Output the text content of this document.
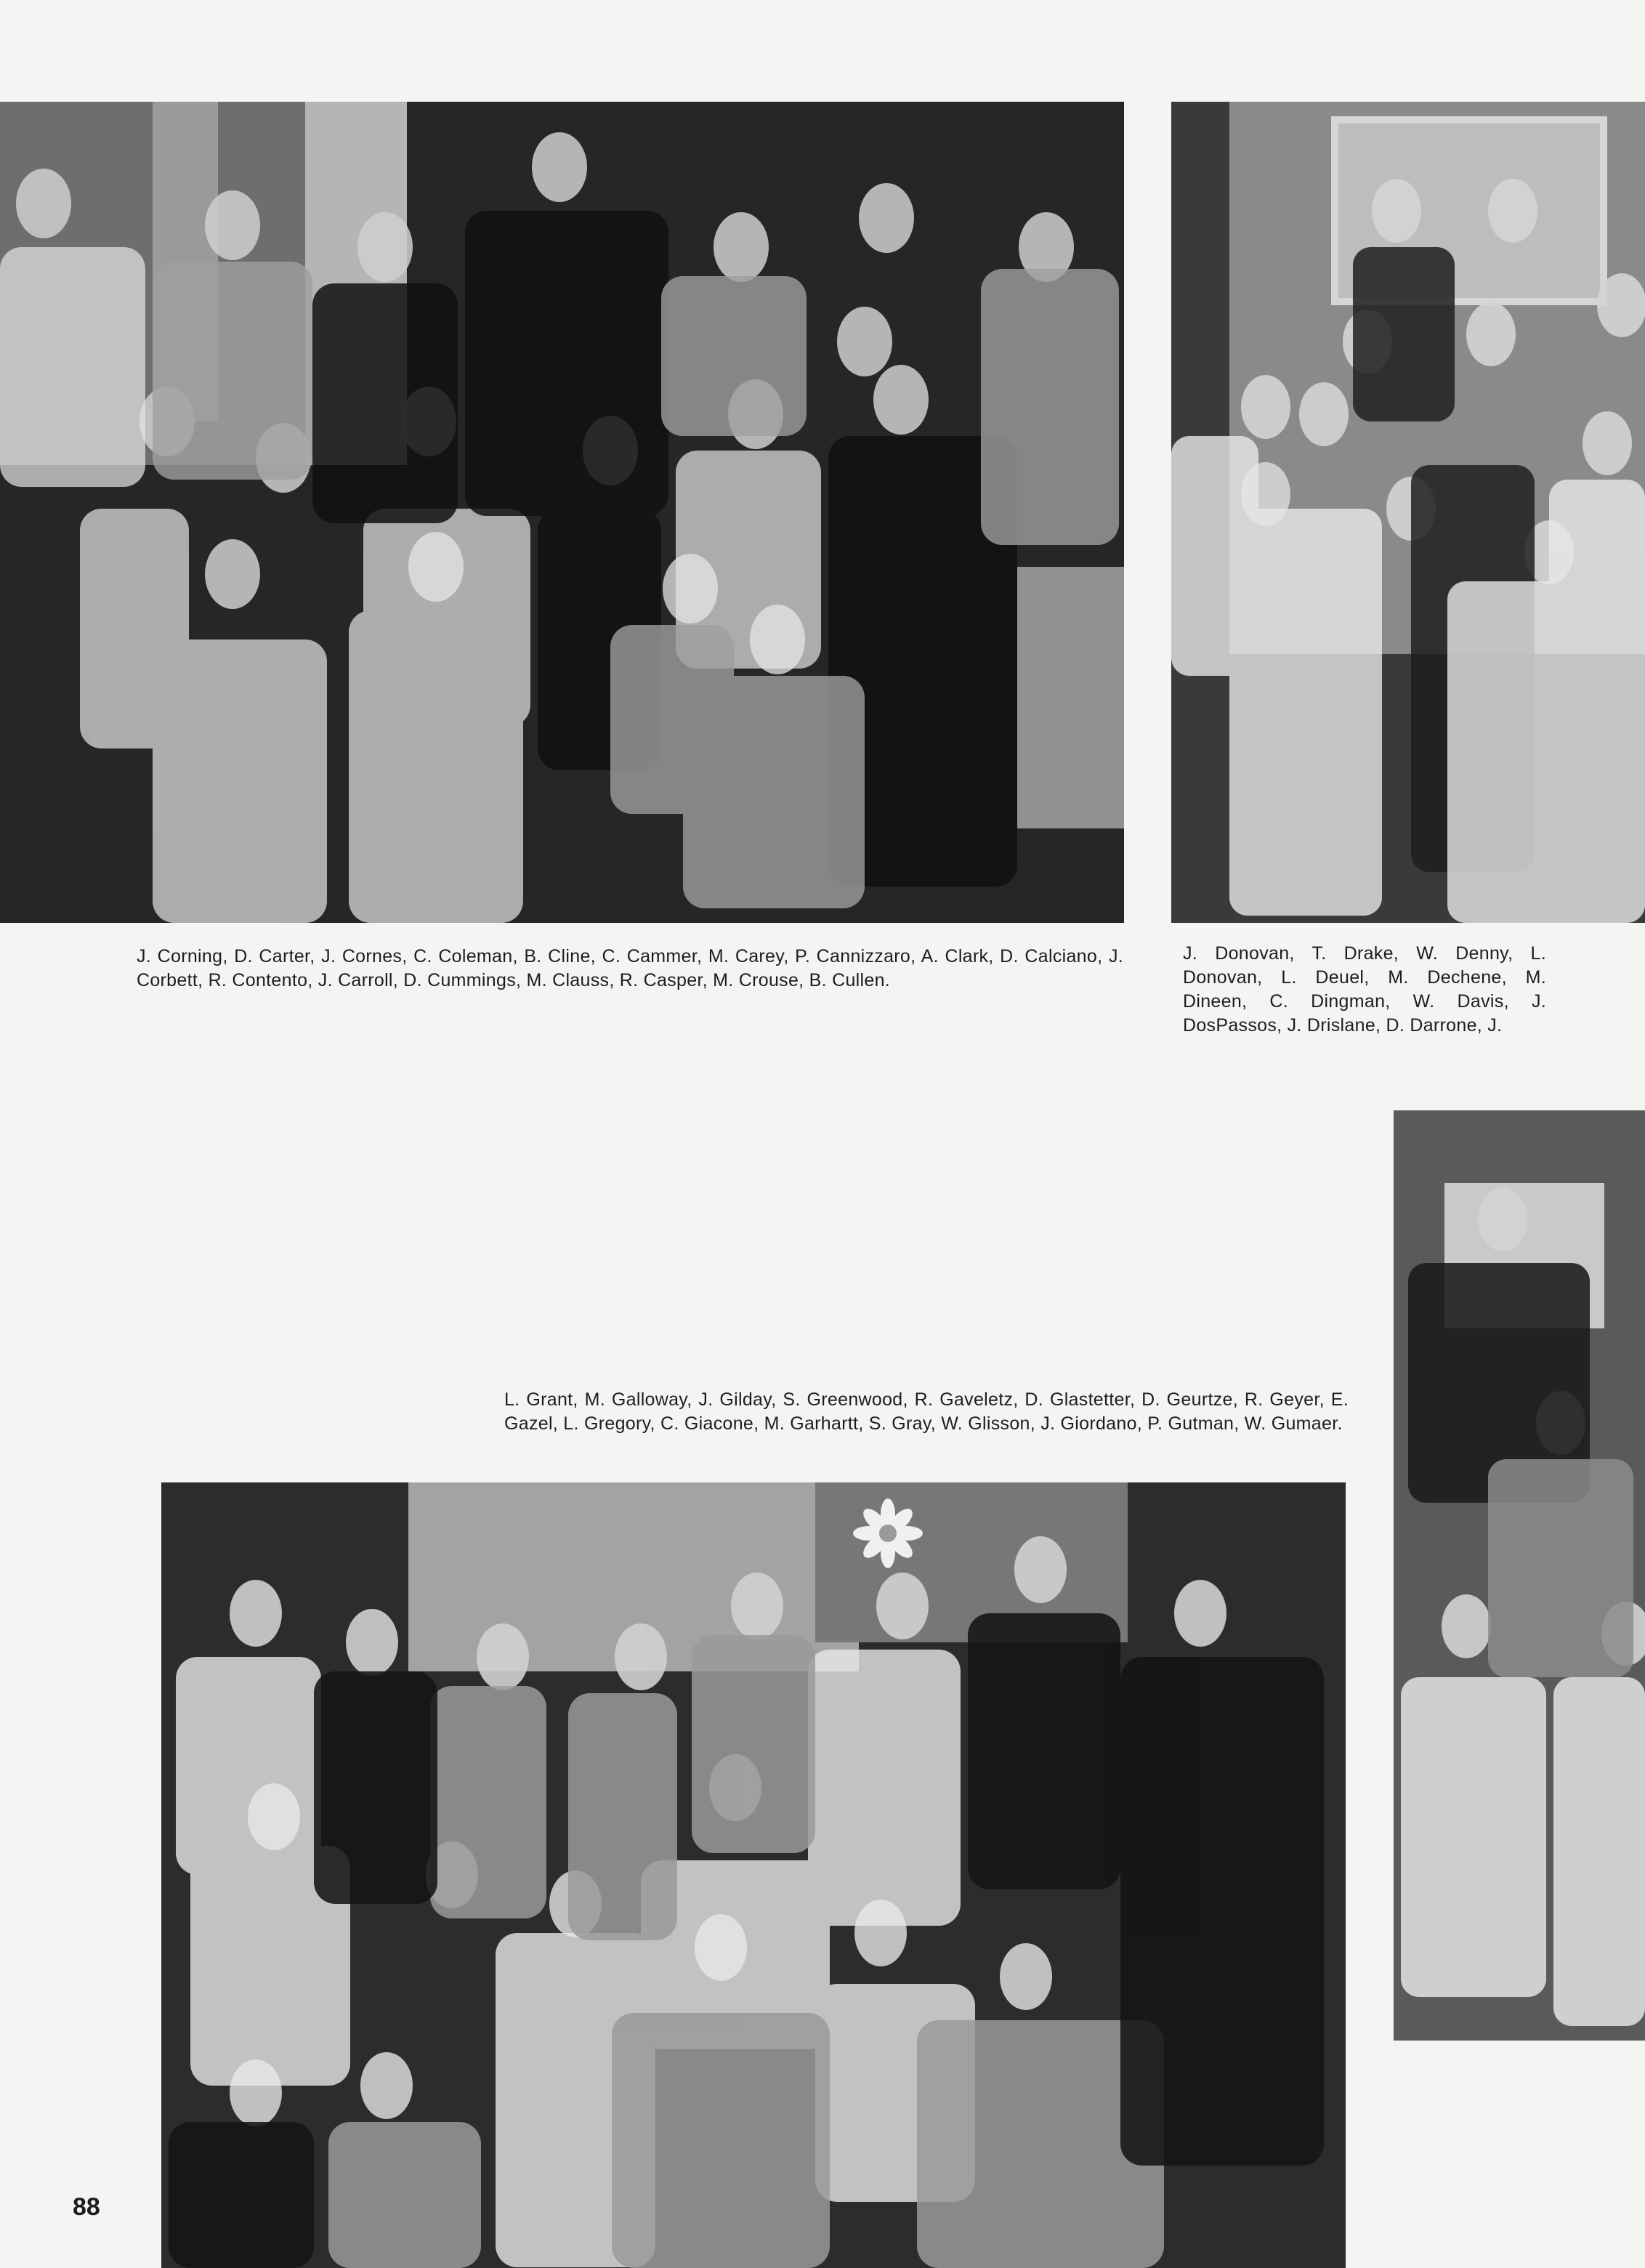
J. Corning, D. Carter, J. Cornes, C. Coleman, B. Cline, C. Cammer, M. Carey, P. Cannizzaro, A. Clark, D. Calciano, J. Corbett, R. Contento, J. Carroll, D. Cummings, M. Clauss, R. Casper, M. Crouse, B. Cullen.

J. Donovan, T. Drake, W. Denny, L. Donovan, L. Deuel, M. Dechene, M. Dineen, C. Dingman, W. Davis, J. DosPassos, J. Drislane, D. Darrone, J.

L. Grant, M. Galloway, J. Gilday, S. Greenwood, R. Gaveletz, D. Glastetter, D. Geurtze, R. Geyer, E. Gazel, L. Gregory, C. Giacone, M. Garhartt, S. Gray, W. Glisson, J. Giordano, P. Gutman, W. Gumaer.

88
